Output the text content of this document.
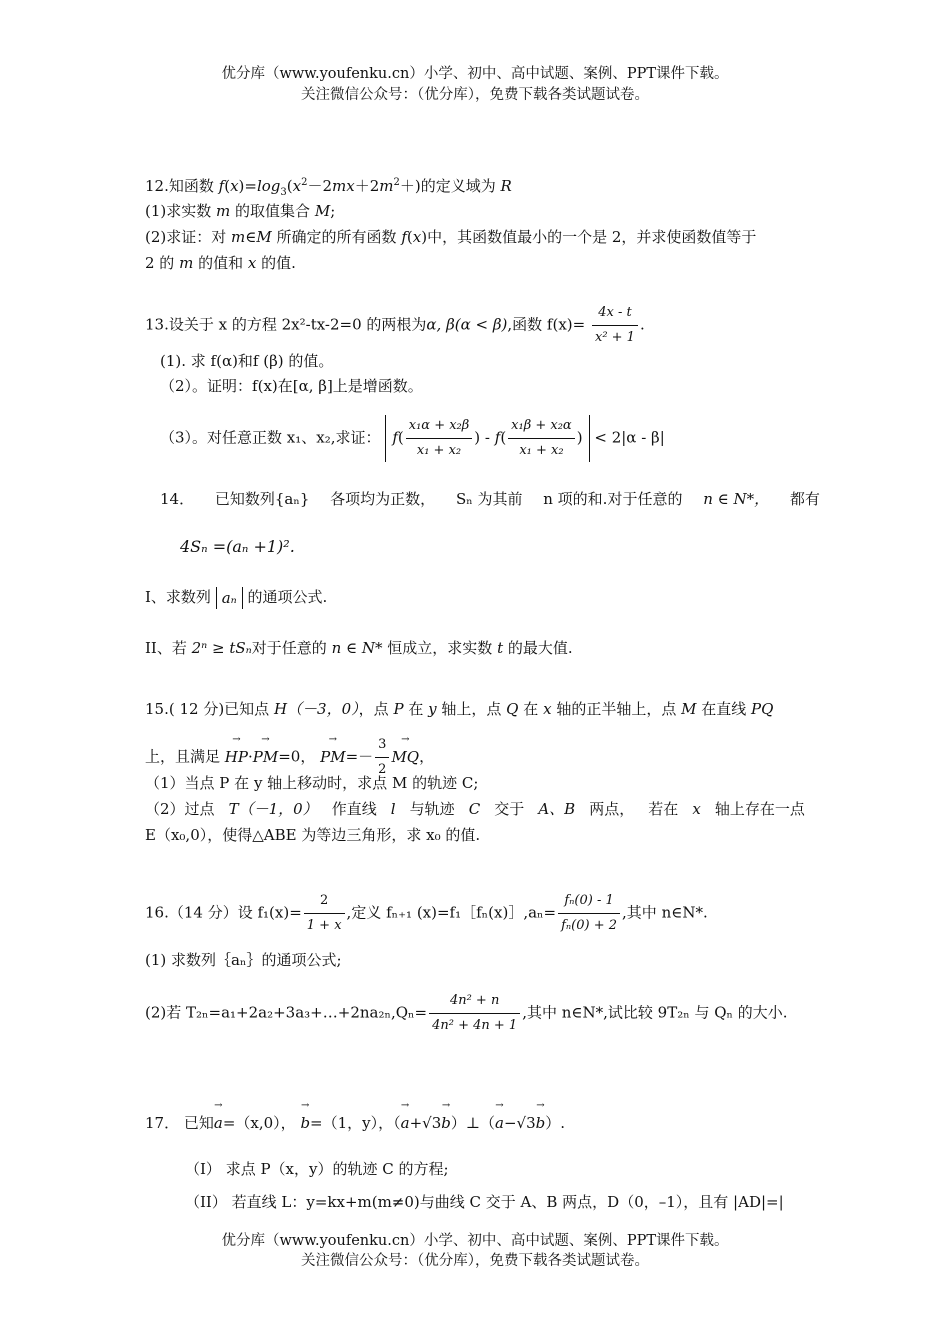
优分库（www.youfenku.cn）小学、初中、高中试题、案例、PPT课件下载。
关注微信公众号：（优分库），免费下载各类试题试卷。
12.知函数 $f(x)=\log_3(x^2-2mx+2m^2+)$的定义域为 R
(1)求实数 m 的取值集合 M;
(2)求证：对 m∈M 所确定的所有函数 f(x)中，其函数值最小的一个是 2，并求使函数值等于
2 的 m 的值和 x 的值.
13.设关于 x 的方程 2x²-tx-2=0 的两根为α, β(α < β),函数 $f(x)= \frac{4x - t}{\text{x² + 1}}$ .
(1). 求 f(α)和f (β) 的值。
（2）。证明：f(x)在[α, β]上是增函数。
（3）。对任意正数 x₁、x₂,求证： $f( \frac{\text{x₁α + x₂β}}{\text{x₁ + x₂}}$ ) - $f( \frac{\text{x₁β + x₂α}}{\text{x₁ + x₂}}$ ) < 2|α - β|
14． 已知数列{aₙ} 各项均为正数， Sₙ 为其前 n 项的和.对于任意的 n ∈ N*， 都有
4Sₙ =(aₙ +1)².
I、求数列 aₙ 的通项公式.
II、若 2ⁿ ≥ tSₙ对于任意的 n ∈ N* 恒成立，求实数 t 的最大值.
15.( 12 分)已知点 H（－3，0），点 P 在 y 轴上，点 Q 在 x 轴的正半轴上，点 M 在直线 PQ
上，且满足 → HP·→ PM=0， → $PM=- \frac{3}{2}$ → MQ，
（1）当点 P 在 y 轴上移动时，求点 M 的轨迹 C;
（2）过点 T（－1，0） 作直线 l 与轨迹 C 交于 A、B 两点， 若在 x 轴上存在一点
E（x₀,0），使得△ABE 为等边三角形，求 x₀ 的值.
16.（14 分）设 $f_1(x)= \frac{2}{1 + x}$ ,定义 fₙ₊₁ (x)=f₁［fₙ(x)］,aₙ= $\frac{\text{fₙ(0) - 1}}{\text{fₙ(0) + 2}}$ ,其中 n∈N*.
(1) 求数列｛aₙ｝的通项公式;
(2)若 T₂ₙ=a₁+2a₂+3a₃+…+2na₂ₙ,Qₙ= $\frac{\text{4n² + n}}{\text{4n² + 4n + 1}}$ ,其中 n∈N*,试比较 9T₂ₙ 与 Qₙ 的大小.
17． 已知→ a=（x,0）， → b=（1，y），（→ a+√3→ b）⊥（→ a−√3→ b）.
（I） 求点 P（x，y）的轨迹 C 的方程;
（II） 若直线 L：y=kx+m(m≠0)与曲线 C 交于 A、B 两点，D（0，–1），且有 |AD|=|
优分库（www.youfenku.cn）小学、初中、高中试题、案例、PPT课件下载。
关注微信公众号：（优分库），免费下载各类试题试卷。
